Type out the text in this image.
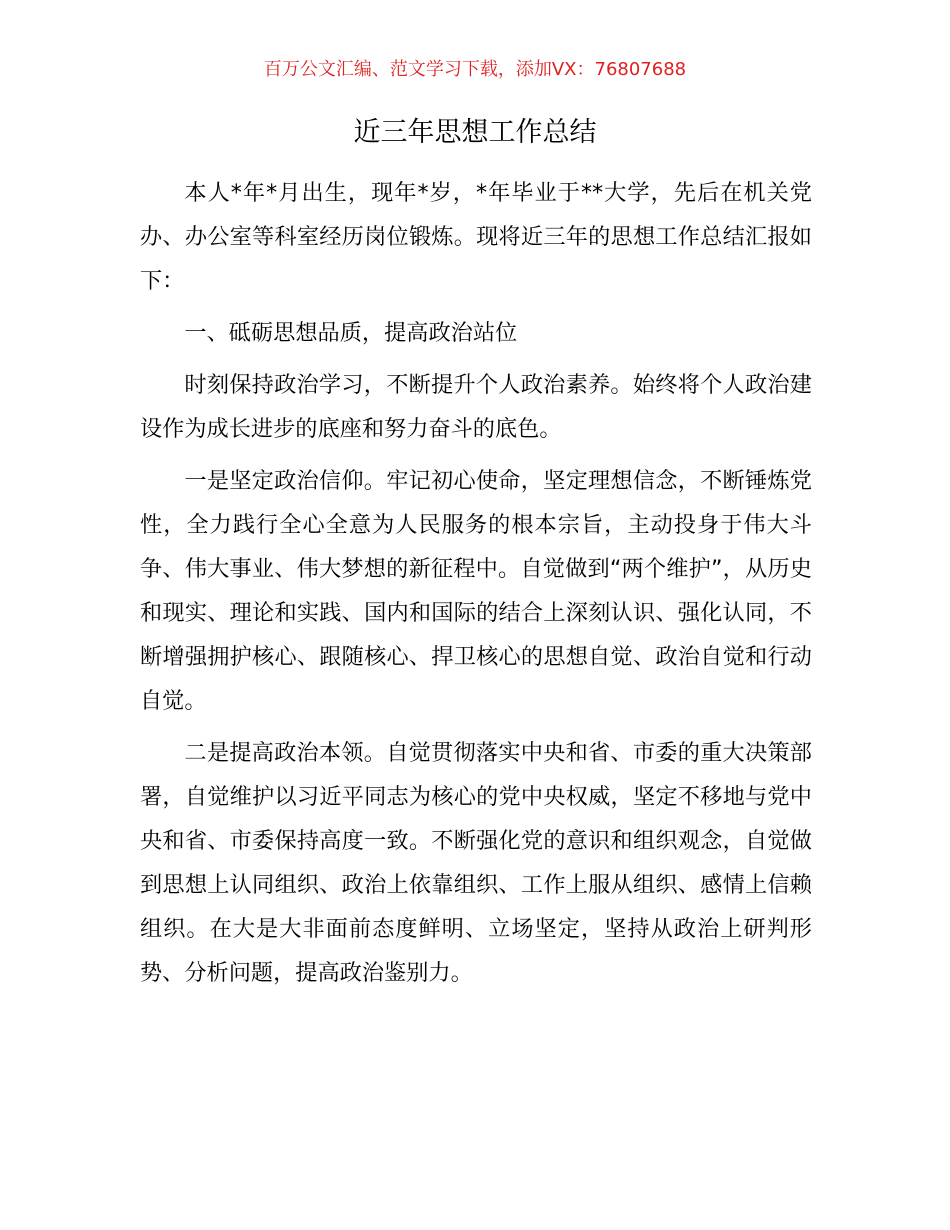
百万公文汇编、范文学习下载，添加VX：76807688
近三年思想工作总结

本人*年*月出生，现年*岁，*年毕业于**大学，先后在机关党办、办公室等科室经历岗位锻炼。现将近三年的思想工作总结汇报如下：

一、砥砺思想品质，提高政治站位

时刻保持政治学习，不断提升个人政治素养。始终将个人政治建设作为成长进步的底座和努力奋斗的底色。

一是坚定政治信仰。牢记初心使命，坚定理想信念，不断锤炼党性，全力践行全心全意为人民服务的根本宗旨，主动投身于伟大斗争、伟大事业、伟大梦想的新征程中。自觉做到“两个维护”，从历史和现实、理论和实践、国内和国际的结合上深刻认识、强化认同，不断增强拥护核心、跟随核心、捍卫核心的思想自觉、政治自觉和行动自觉。

二是提高政治本领。自觉贯彻落实中央和省、市委的重大决策部署，自觉维护以习近平同志为核心的党中央权威，坚定不移地与党中央和省、市委保持高度一致。不断强化党的意识和组织观念，自觉做到思想上认同组织、政治上依靠组织、工作上服从组织、感情上信赖组织。在大是大非面前态度鲜明、立场坚定，坚持从政治上研判形势、分析问题，提高政治鉴别力。
